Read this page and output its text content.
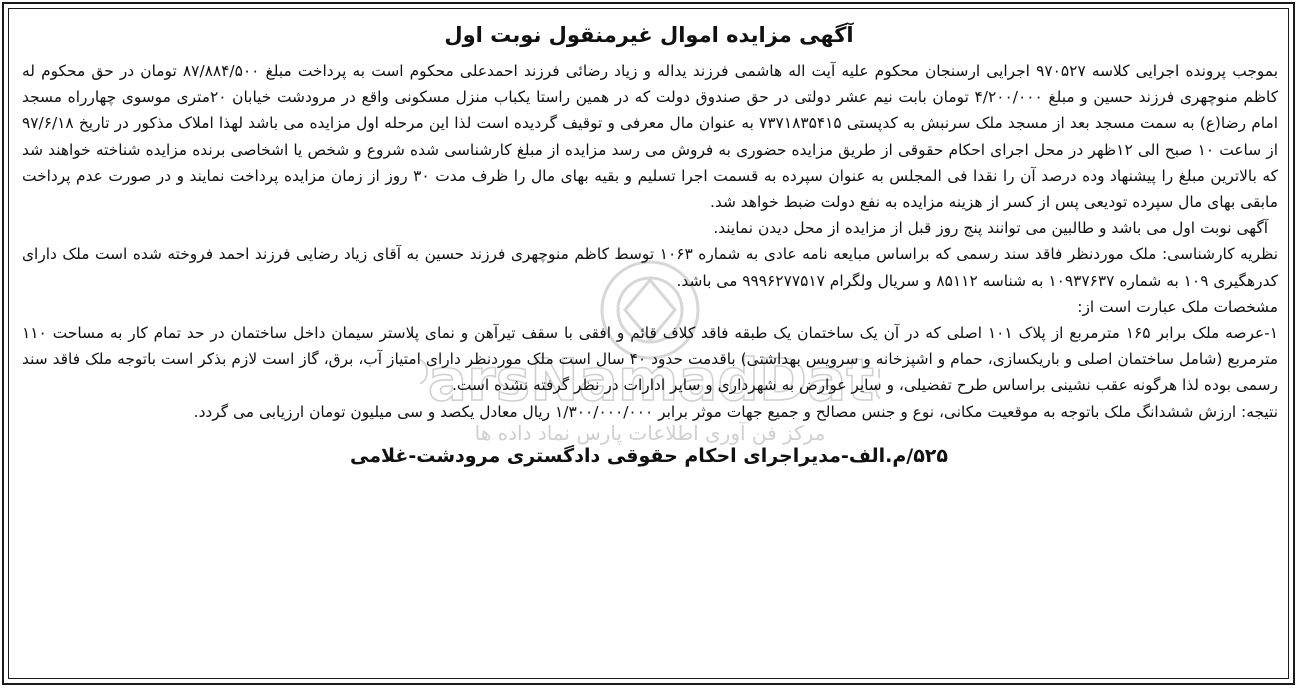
arsNamadDat
مرکز فن آوری اطلاعات پارس نماد داده ها
آگهی مزایده اموال غیرمنقول نوبت اول

بموجب پرونده اجرایی کلاسه ۹۷۰۵۲۷ اجرایی ارسنجان محکوم علیه آیت اله هاشمی فرزند یداله و زیاد رضائی فرزند احمدعلی محکوم است به پرداخت مبلغ ۸۷/۸۸۴/۵۰۰ تومان در حق محکوم له کاظم منوچهری فرزند حسین و مبلغ ۴/۲۰۰/۰۰۰ تومان بابت نیم عشر دولتی در حق صندوق دولت که در همین راستا یکباب منزل مسکونی واقع در مرودشت خیابان ۲۰متری موسوی چهارراه مسجد امام رضا(ع) به سمت مسجد بعد از مسجد ملک سرنبش به کدپستی ۷۳۷۱۸۳۵۴۱۵ به عنوان مال معرفی و توقیف گردیده است لذا این مرحله اول مزایده می باشد لهذا املاک مذکور در تاریخ ۹۷/۶/۱۸ از ساعت ۱۰ صبح الی ۱۲ظهر در محل اجرای احکام حقوقی از طریق مزایده حضوری به فروش می رسد مزایده از مبلغ کارشناسی شده شروع و شخص یا اشخاصی برنده مزایده شناخته خواهند شد که بالاترین مبلغ را پیشنهاد وده درصد آن را نقدا فی المجلس به عنوان سپرده به قسمت اجرا تسلیم و بقیه بهای مال را ظرف مدت ۳۰ روز از زمان مزایده پرداخت نمایند و در صورت عدم پرداخت مابقی بهای مال سپرده تودیعی پس از کسر از هزینه مزایده به نفع دولت ضبط خواهد شد.

آگهی نوبت اول می باشد و طالبین می توانند پنج روز قبل از مزایده از محل دیدن نمایند.

نظریه کارشناسی: ملک موردنظر فاقد سند رسمی که براساس مبایعه نامه عادی به شماره ۱۰۶۳ توسط کاظم منوچهری فرزند حسین به آقای زیاد رضایی فرزند احمد فروخته شده است ملک دارای کدرهگیری ۱۰۹ به شماره ۱۰۹۳۷۶۳۷ به شناسه ۸۵۱۱۲ و سریال ولگرام ۹۹۹۶۲۷۷۵۱۷ می باشد.

مشخصات ملک عبارت است از:

۱-عرصه ملک برابر ۱۶۵ مترمربع از پلاک ۱۰۱ اصلی که در آن یک ساختمان یک طبقه فاقد کلاف قائم و افقی با سقف تیرآهن و نمای پلاستر سیمان داخل ساختمان در حد تمام کار به مساحت ۱۱۰ مترمربع (شامل ساختمان اصلی و باریکسازی، حمام و اشپزخانه و سرویس بهداشتی) باقدمت حدود ۴۰ سال است ملک موردنظر دارای امتیاز آب، برق، گاز است لازم بذکر است باتوجه ملک فاقد سند رسمی بوده لذا هرگونه عقب نشینی براساس طرح تفضیلی، و سایر عوارض به شهرداری و سایر ادارات در نظر گرفته نشده است.

نتیجه: ارزش ششدانگ ملک باتوجه به موقعیت مکانی، نوع و جنس مصالح و جمیع جهات موثر برابر ۱/۳۰۰/۰۰۰/۰۰۰ ریال معادل یکصد و سی میلیون تومان ارزیابی می گردد.

۵۲۵/م.الف-مدیراجرای احکام حقوقی دادگستری مرودشت-غلامی
